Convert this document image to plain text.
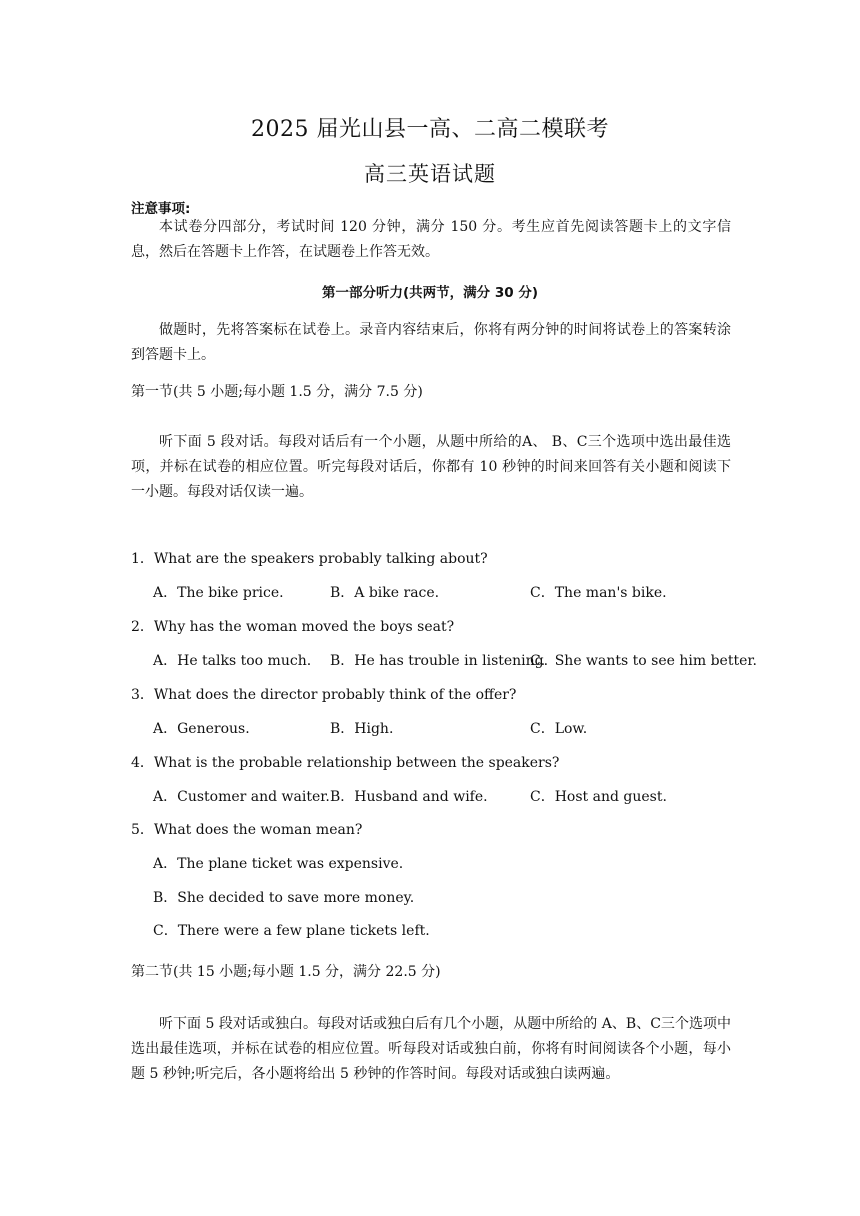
2025 届光山县一高、二高二模联考
高三英语试题
注意事项:
本试卷分四部分，考试时间 120 分钟，满分 150 分。考生应首先阅读答题卡上的文字信息，然后在答题卡上作答，在试题卷上作答无效。
第一部分听力(共两节，满分 30 分)
做题时，先将答案标在试卷上。录音内容结束后，你将有两分钟的时间将试卷上的答案转涂到答题卡上。
第一节(共 5 小题;每小题 1.5 分，满分 7.5 分)
听下面 5 段对话。每段对话后有一个小题，从题中所给的A、 B、C三个选项中选出最佳选项，并标在试卷的相应位置。听完每段对话后，你都有 10 秒钟的时间来回答有关小题和阅读下一小题。每段对话仅读一遍。
1．What are the speakers probably talking about?
A．The bike price.	B．A bike race.	C．The man's bike.
2．Why has the woman moved the boys seat?
A．He talks too much. B．He has trouble in listening.
C．She wants to see him better.
3．What does the director probably think of the offer?
A．Generous.	B．High.	C．Low.
4．What is the probable relationship between the speakers?
A．Customer and waiter. B．Husband and wife.	C．Host and guest.
5．What does the woman mean?
A．The plane ticket was expensive.
B．She decided to save more money.
C．There were a few plane tickets left.
第二节(共 15 小题;每小题 1.5 分，满分 22.5 分)
听下面 5 段对话或独白。每段对话或独白后有几个小题，从题中所给的 A、B、C三个选项中选出最佳选项，并标在试卷的相应位置。听每段对话或独白前，你将有时间阅读各个小题，每小题 5 秒钟;听完后，各小题将给出 5 秒钟的作答时间。每段对话或独白读两遍。
